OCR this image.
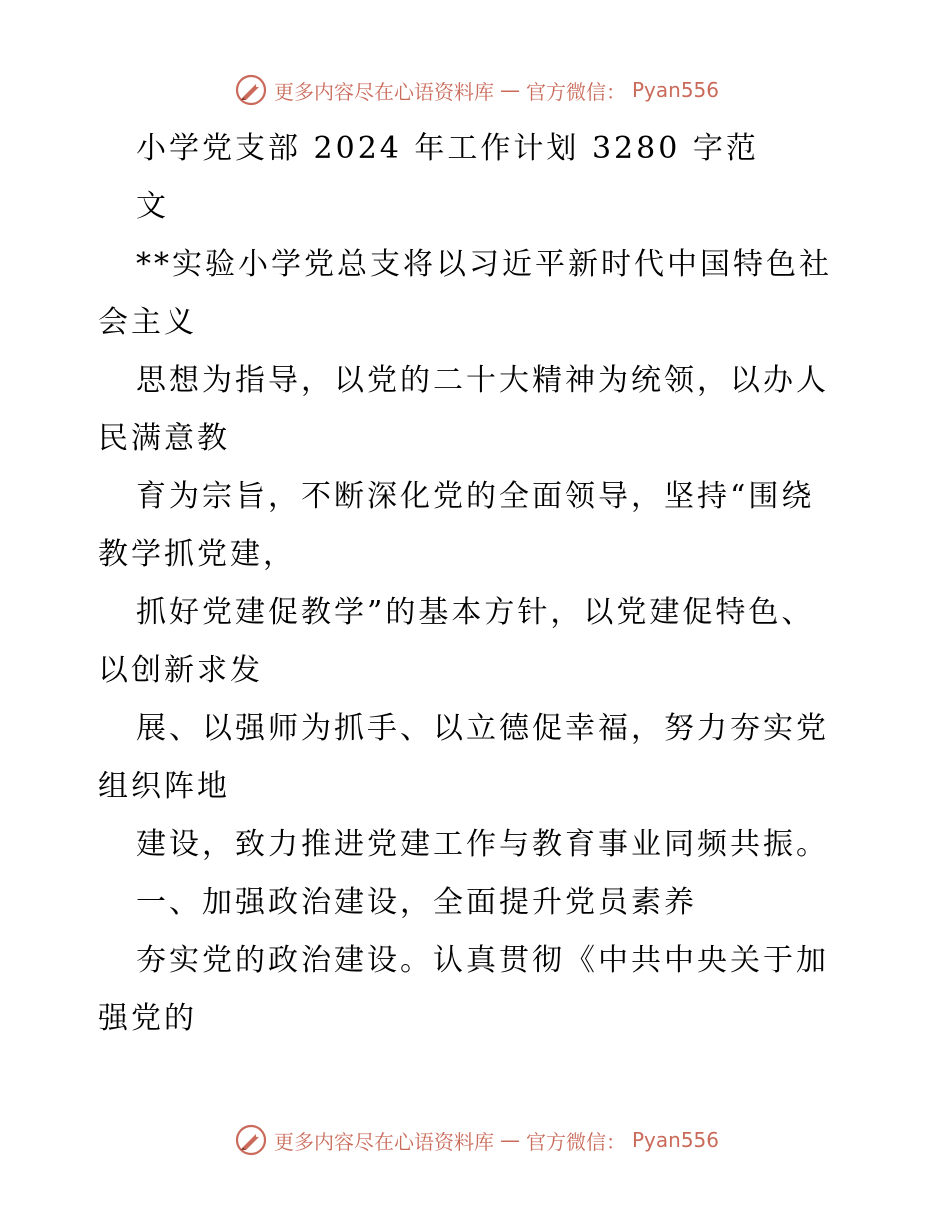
更多内容尽在心语资料库 — 官方微信： Pyan556
小学党支部 2024 年工作计划 3280 字范
文
**实验小学党总支将以习近平新时代中国特色社
会主义
思想为指导，以党的二十大精神为统领，以办人
民满意教
育为宗旨，不断深化党的全面领导，坚持“围绕
教学抓党建，
抓好党建促教学”的基本方针，以党建促特色、
以创新求发
展、以强师为抓手、以立德促幸福，努力夯实党
组织阵地
建设，致力推进党建工作与教育事业同频共振。
一、加强政治建设，全面提升党员素养
夯实党的政治建设。认真贯彻《中共中央关于加
强党的
更多内容尽在心语资料库 — 官方微信： Pyan556
